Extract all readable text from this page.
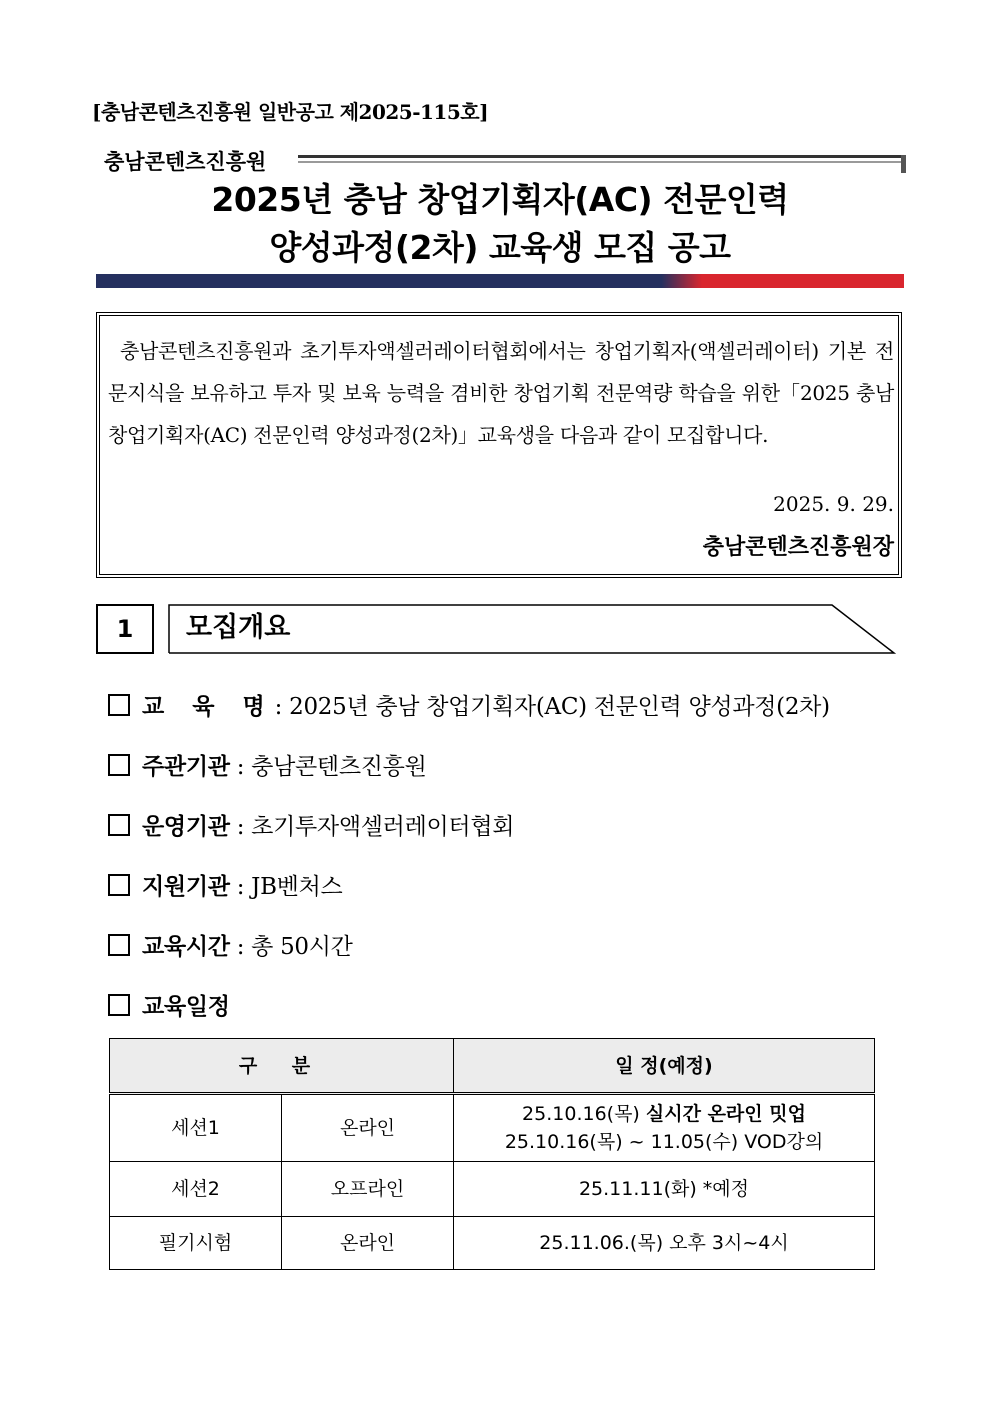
[충남콘텐츠진흥원 일반공고 제2025-115호]
충남콘텐츠진흥원
2025년 충남 창업기획자(AC) 전문인력
양성과정(2차) 교육생 모집 공고
충남콘텐츠진흥원과 초기투자액셀러레이터협회에서는 창업기획자(액셀러레이터) 기본 전문지식을 보유하고 투자 및 보육 능력을 겸비한 창업기획 전문역량 학습을 위한「2025 충남 창업기획자(AC) 전문인력 양성과정(2차)」교육생을 다음과 같이 모집합니다.
2025. 9. 29.
충남콘텐츠진흥원장
1	모집개요
교 육 명: 2025년 충남 창업기획자(AC) 전문인력 양성과정(2차)
주관기관 : 충남콘텐츠진흥원
운영기관 : 초기투자액셀러레이터협회
지원기관 : JB벤처스
교육시간 : 총 50시간
교육일정
구 분		일 정(예정)
세션1	온라인	25.10.16(목) 실시간 온라인 밋업
25.10.16(목) ~ 11.05(수) VOD강의

세션2	오프라인	25.11.11(화) *예정
필기시험	온라인	25.11.06.(목) 오후 3시~4시
